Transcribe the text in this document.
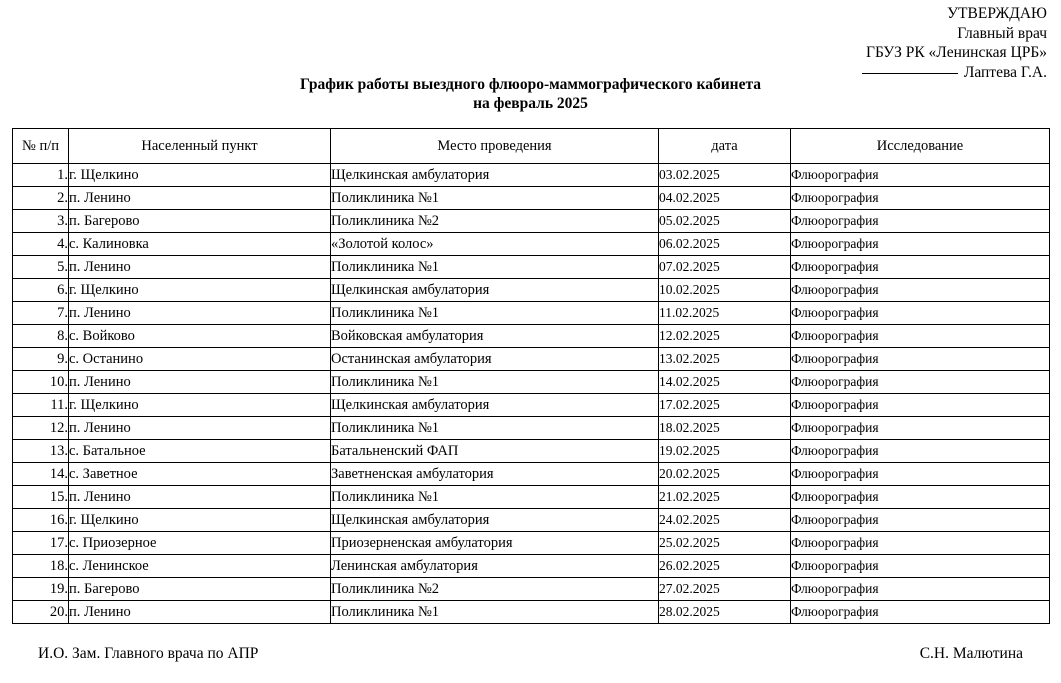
УТВЕРЖДАЮ
Главный врач
ГБУЗ РК «Ленинская ЦРБ»
Лаптева Г.А.
График работы выездного флюоро-маммографического кабинета
на февраль 2025
№ п/п	Населенный пункт	Место проведения	дата	Исследование
1.	г. Щелкино	Щелкинская амбулатория	03.02.2025	Флюорография
2.	п. Ленино	Поликлиника №1	04.02.2025	Флюорография
3.	п. Багерово	Поликлиника №2	05.02.2025	Флюорография
4.	с. Калиновка	«Золотой колос»	06.02.2025	Флюорография
5.	п. Ленино	Поликлиника №1	07.02.2025	Флюорография
6.	г. Щелкино	Щелкинская амбулатория	10.02.2025	Флюорография
7.	п. Ленино	Поликлиника №1	11.02.2025	Флюорография
8.	с. Войково	Войковская амбулатория	12.02.2025	Флюорография
9.	с. Останино	Останинская амбулатория	13.02.2025	Флюорография
10.	п. Ленино	Поликлиника №1	14.02.2025	Флюорография
11.	г. Щелкино	Щелкинская амбулатория	17.02.2025	Флюорография
12.	п. Ленино	Поликлиника №1	18.02.2025	Флюорография
13.	с. Батальное	Батальненский ФАП	19.02.2025	Флюорография
14.	с. Заветное	Заветненская амбулатория	20.02.2025	Флюорография
15.	п. Ленино	Поликлиника №1	21.02.2025	Флюорография
16.	г. Щелкино	Щелкинская амбулатория	24.02.2025	Флюорография
17.	с. Приозерное	Приозерненская амбулатория	25.02.2025	Флюорография
18.	с. Ленинское	Ленинская амбулатория	26.02.2025	Флюорография
19.	п. Багерово	Поликлиника №2	27.02.2025	Флюорография
20.	п. Ленино	Поликлиника №1	28.02.2025	Флюорография
И.О. Зам. Главного врача по АПР	С.Н. Малютина
